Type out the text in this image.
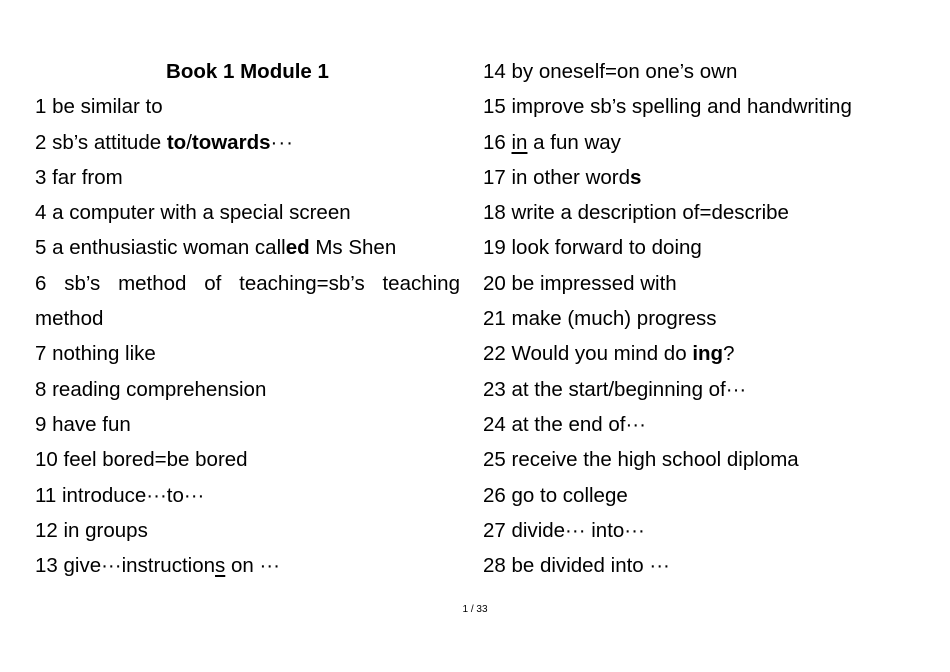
Book 1 Module 1
1 be similar to
2 sb’s attitude to/towards···
3 far from
4 a computer with a special screen
5 a enthusiastic woman called Ms Shen
6 sb’s method of teaching=sb’s teaching
method
7 nothing like
8 reading comprehension
9 have fun
10 feel bored=be bored
11 introduce···to···
12 in groups
13 give···instructions on ···
14 by oneself=on one’s own
15 improve sb’s spelling and handwriting
16 in a fun way
17 in other words
18 write a description of=describe
19 look forward to doing
20 be impressed with
21 make (much) progress
22 Would you mind do ing?
23 at the start/beginning of···
24 at the end of···
25 receive the high school diploma
26 go to college
27 divide··· into···
28 be divided into ···
1 / 33
